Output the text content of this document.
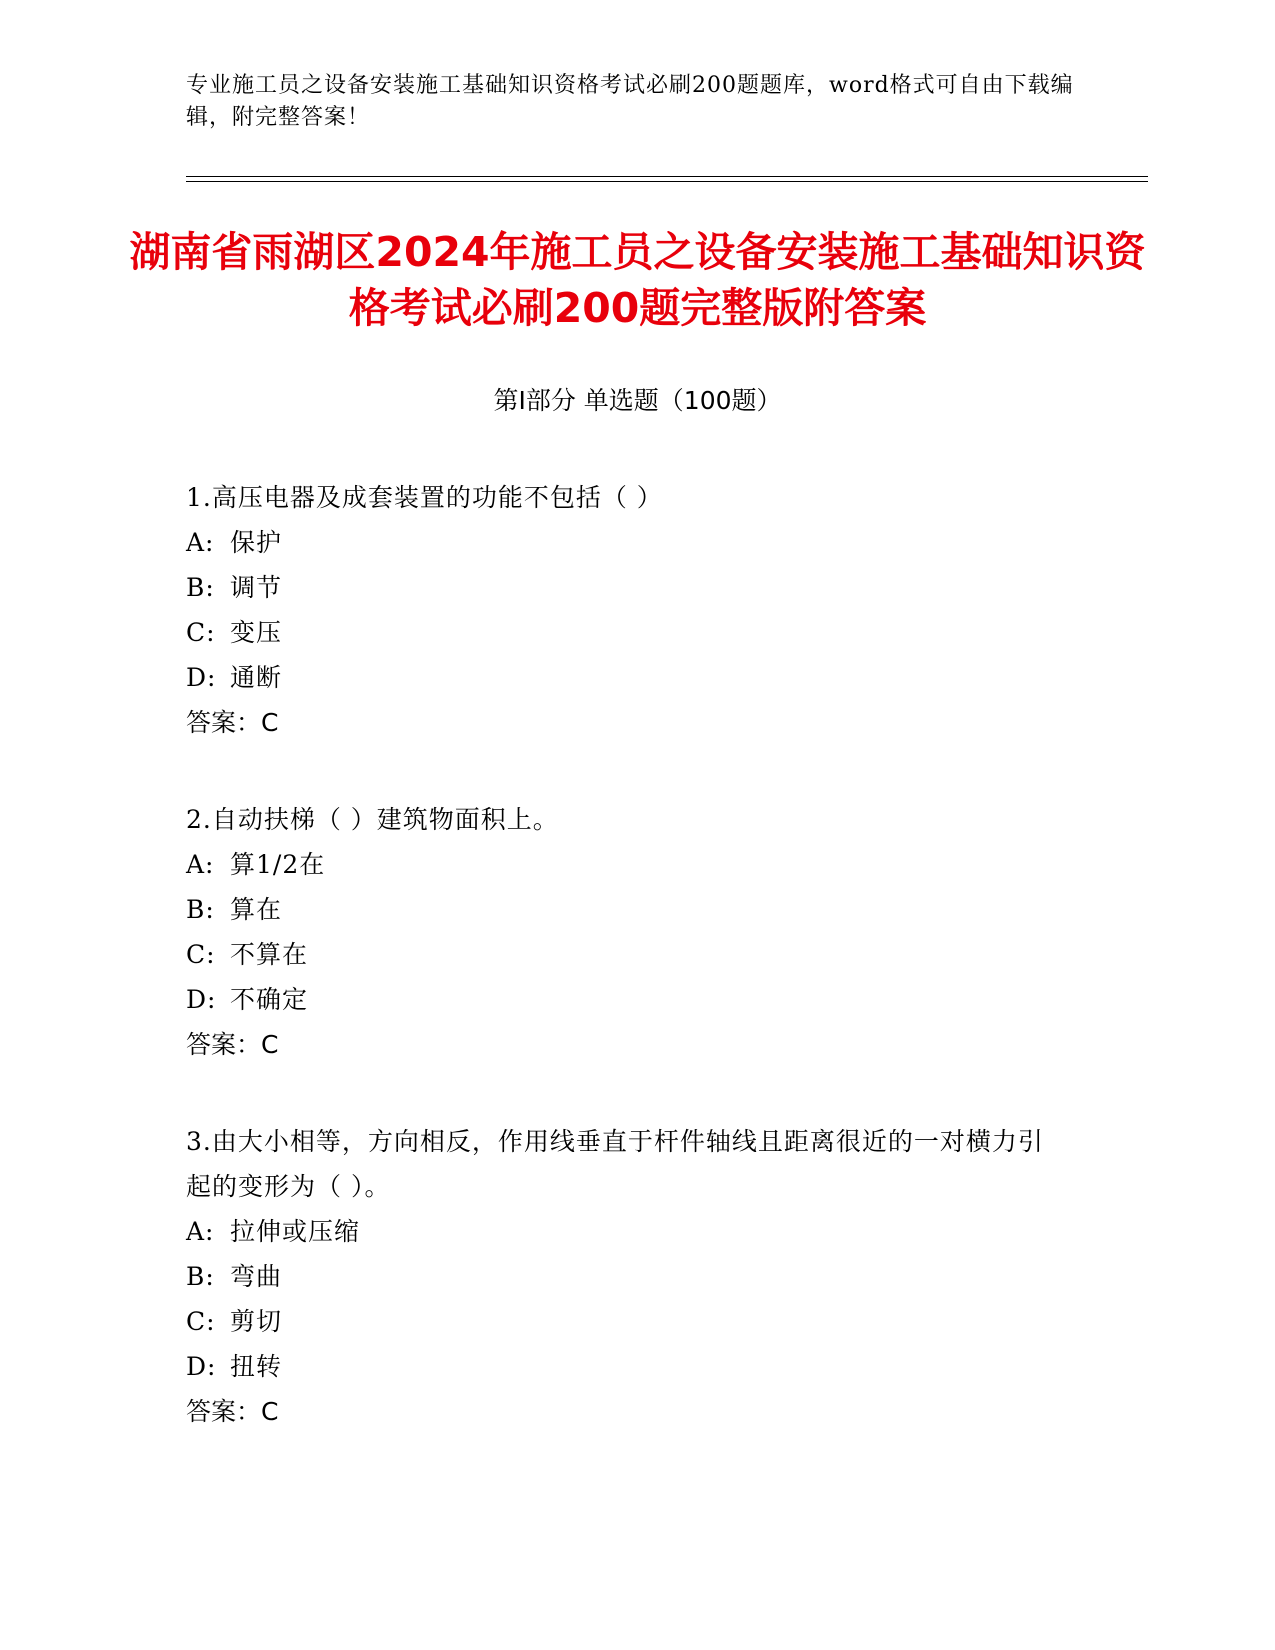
专业施工员之设备安装施工基础知识资格考试必刷200题题库，word格式可自由下载编辑，附完整答案！
湖南省雨湖区2024年施工员之设备安装施工基础知识资格考试必刷200题完整版附答案
第I部分 单选题（100题）

1.高压电器及成套装置的功能不包括（ ）

A: 保护
B: 调节
C: 变压
D: 通断
答案：C

2.自动扶梯（ ）建筑物面积上。

A: 算1/2在
B: 算在
C: 不算在
D: 不确定
答案：C

3.由大小相等，方向相反，作用线垂直于杆件轴线且距离很近的一对横力引起的变形为（ ）。

A: 拉伸或压缩
B: 弯曲
C: 剪切
D: 扭转
答案：C
